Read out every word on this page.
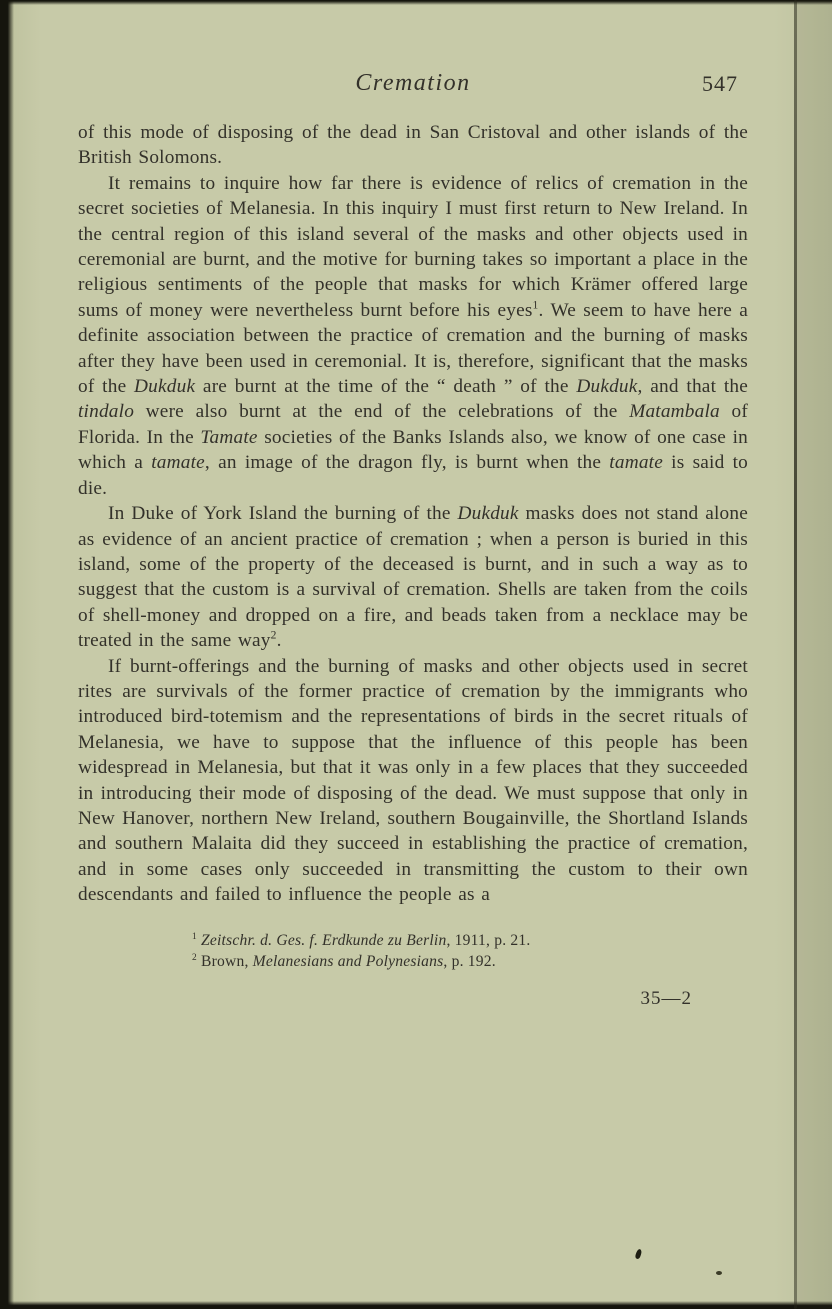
Cremation	547

of this mode of disposing of the dead in San Cristoval and other islands of the British Solomons.

It remains to inquire how far there is evidence of relics of cremation in the secret societies of Melanesia. In this inquiry I must first return to New Ireland. In the central region of this island several of the masks and other objects used in ceremonial are burnt, and the motive for burning takes so important a place in the religious sentiments of the people that masks for which Krämer offered large sums of money were nevertheless burnt before his eyes$^1$. We seem to have here a definite association between the practice of cremation and the burning of masks after they have been used in ceremonial. It is, therefore, significant that the masks of the Dukduk are burnt at the time of the “ death ” of the Dukduk, and that the tindalo were also burnt at the end of the celebrations of the Matambala of Florida. In the Tamate societies of the Banks Islands also, we know of one case in which a tamate, an image of the dragon fly, is burnt when the tamate is said to die.

In Duke of York Island the burning of the Dukduk masks does not stand alone as evidence of an ancient practice of cremation ; when a person is buried in this island, some of the property of the deceased is burnt, and in such a way as to suggest that the custom is a survival of cremation. Shells are taken from the coils of shell-money and dropped on a fire, and beads taken from a necklace may be treated in the same way$^2$.

If burnt-offerings and the burning of masks and other objects used in secret rites are survivals of the former practice of cremation by the immigrants who introduced bird-totemism and the representations of birds in the secret rituals of Melanesia, we have to suppose that the influence of this people has been widespread in Melanesia, but that it was only in a few places that they succeeded in introducing their mode of disposing of the dead. We must suppose that only in New Hanover, northern New Ireland, southern Bougainville, the Shortland Islands and southern Malaita did they succeed in establishing the practice of cremation, and in some cases only succeeded in transmitting the custom to their own descendants and failed to influence the people as a

$^1$ Zeitschr. d. Ges. f. Erdkunde zu Berlin, 1911, p. 21.

$^2$ Brown, Melanesians and Polynesians, p. 192.

35—2
